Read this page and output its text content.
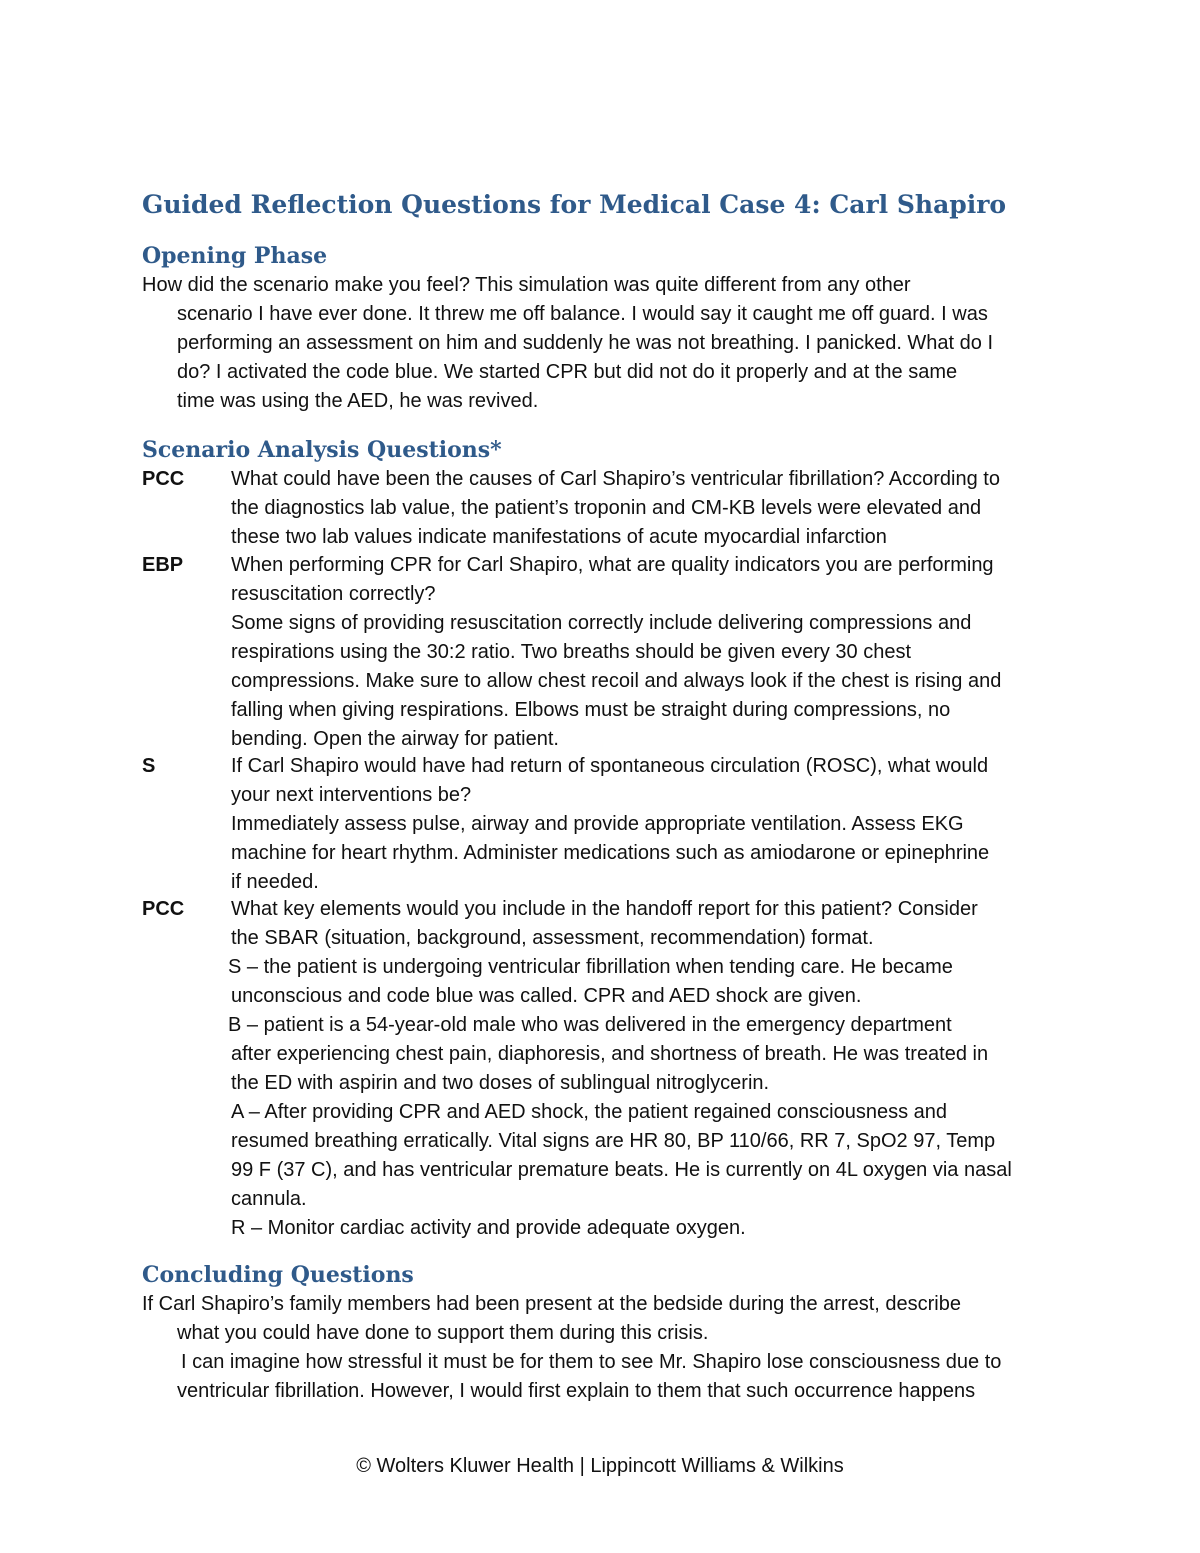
Guided Reflection Questions for Medical Case 4: Carl Shapiro
Opening Phase
How did the scenario make you feel? This simulation was quite different from any other
scenario I have ever done. It threw me off balance. I would say it caught me off guard. I was
performing an assessment on him and suddenly he was not breathing. I panicked. What do I
do? I activated the code blue. We started CPR but did not do it properly and at the same
time was using the AED, he was revived.
Scenario Analysis Questions*
PCC	What could have been the causes of Carl Shapiro’s ventricular fibrillation? According to
the diagnostics lab value, the patient’s troponin and CM-KB levels were elevated and
these two lab values indicate manifestations of acute myocardial infarction
EBP	When performing CPR for Carl Shapiro, what are quality indicators you are performing
resuscitation correctly?
Some signs of providing resuscitation correctly include delivering compressions and
respirations using the 30:2 ratio. Two breaths should be given every 30 chest
compressions. Make sure to allow chest recoil and always look if the chest is rising and
falling when giving respirations. Elbows must be straight during compressions, no
bending. Open the airway for patient.
S	If Carl Shapiro would have had return of spontaneous circulation (ROSC), what would
your next interventions be?
Immediately assess pulse, airway and provide appropriate ventilation. Assess EKG
machine for heart rhythm. Administer medications such as amiodarone or epinephrine
if needed.
PCC	What key elements would you include in the handoff report for this patient? Consider
the SBAR (situation, background, assessment, recommendation) format.
S – the patient is undergoing ventricular fibrillation when tending care. He became
unconscious and code blue was called. CPR and AED shock are given.
B – patient is a 54-year-old male who was delivered in the emergency department
after experiencing chest pain, diaphoresis, and shortness of breath. He was treated in
the ED with aspirin and two doses of sublingual nitroglycerin.
A – After providing CPR and AED shock, the patient regained consciousness and
resumed breathing erratically. Vital signs are HR 80, BP 110/66, RR 7, SpO2 97, Temp
99 F (37 C), and has ventricular premature beats. He is currently on 4L oxygen via nasal
cannula.
R – Monitor cardiac activity and provide adequate oxygen.
Concluding Questions
If Carl Shapiro’s family members had been present at the bedside during the arrest, describe
what you could have done to support them during this crisis.
I can imagine how stressful it must be for them to see Mr. Shapiro lose consciousness due to
ventricular fibrillation. However, I would first explain to them that such occurrence happens
© Wolters Kluwer Health | Lippincott Williams & Wilkins
